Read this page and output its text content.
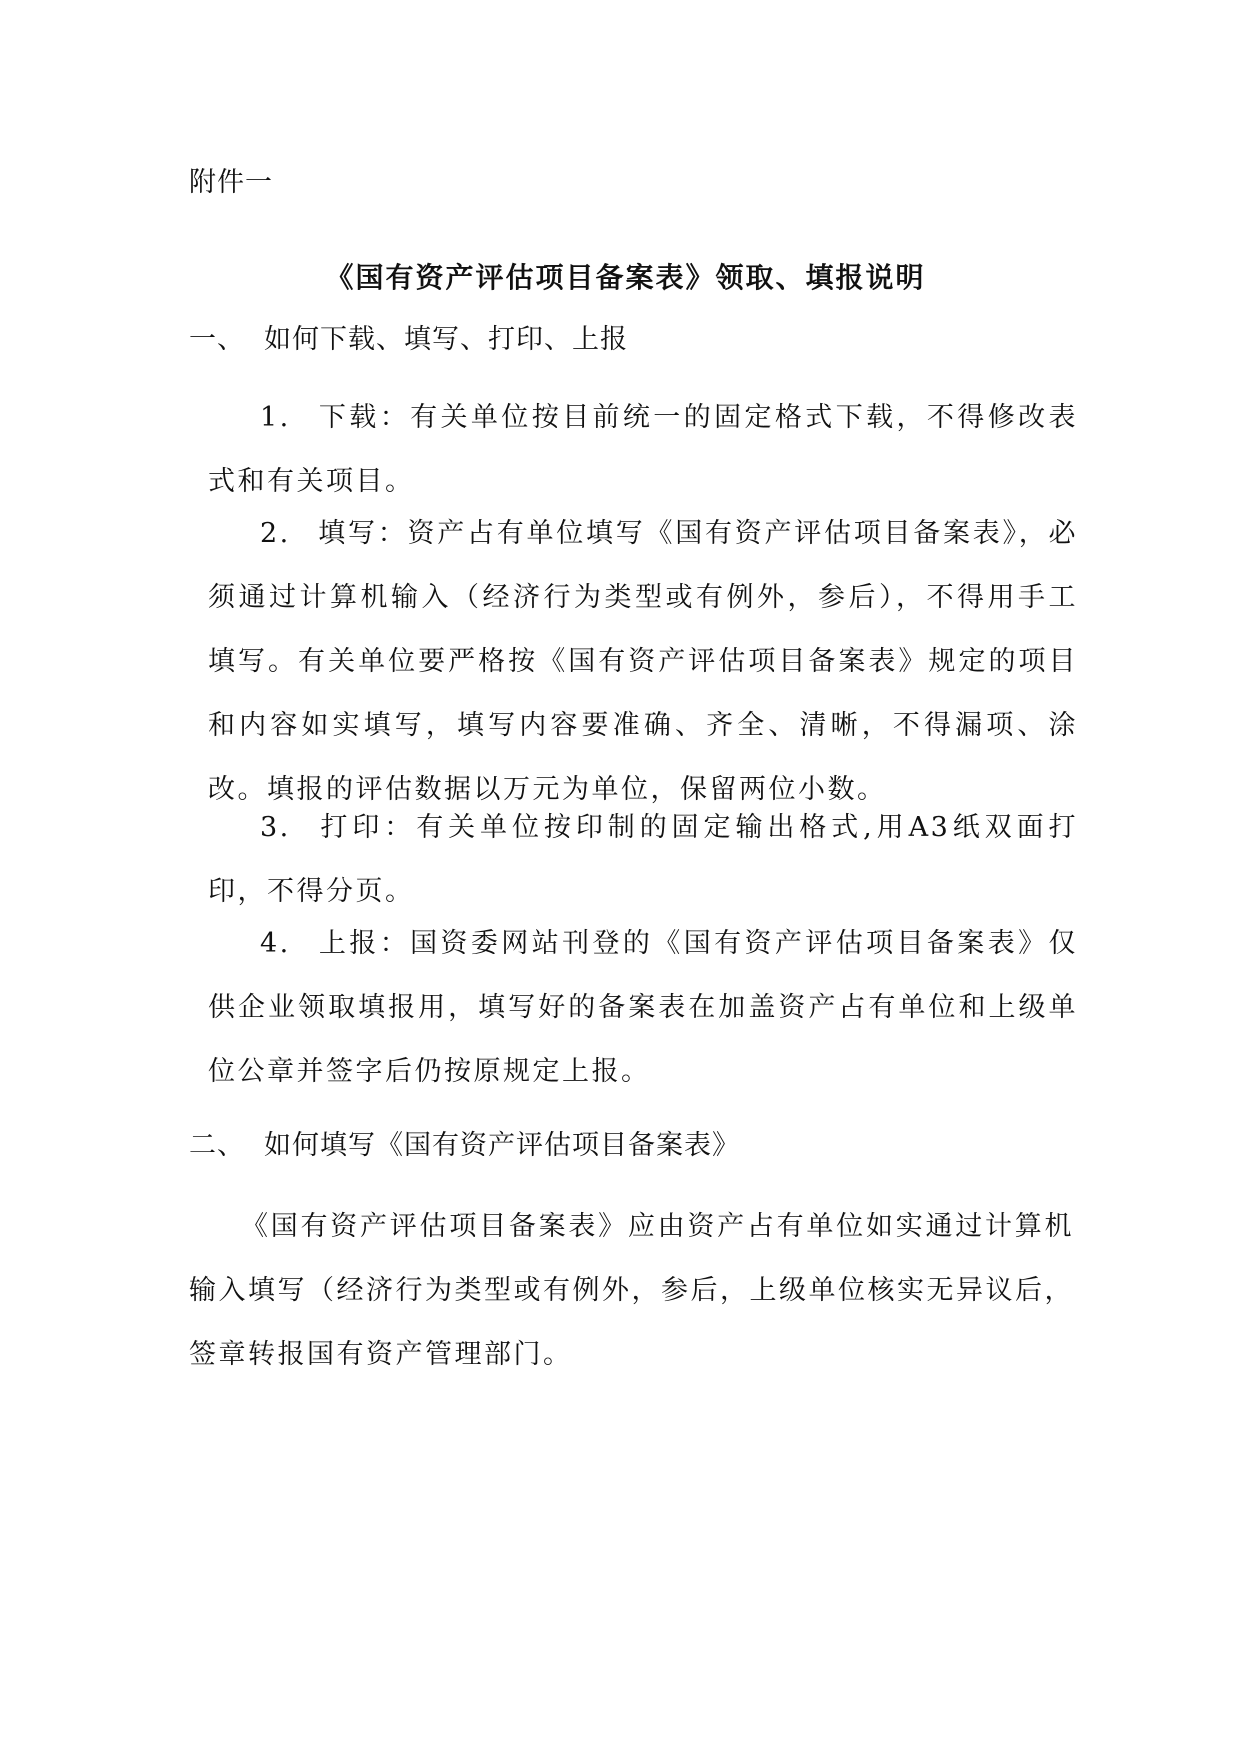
附件一
《国有资产评估项目备案表》领取、填报说明
一、 如何下载、填写、打印、上报
1. 下载：有关单位按目前统一的固定格式下载，不得修改表式和有关项目。
2. 填写：资产占有单位填写《国有资产评估项目备案表》，必须通过计算机输入（经济行为类型或有例外，参后），不得用手工填写。有关单位要严格按《国有资产评估项目备案表》规定的项目和内容如实填写，填写内容要准确、齐全、清晰，不得漏项、涂改。填报的评估数据以万元为单位，保留两位小数。
3. 打印：有关单位按印制的固定输出格式,用A3纸双面打印，不得分页。
4. 上报：国资委网站刊登的《国有资产评估项目备案表》仅供企业领取填报用，填写好的备案表在加盖资产占有单位和上级单位公章并签字后仍按原规定上报。
二、 如何填写《国有资产评估项目备案表》
《国有资产评估项目备案表》应由资产占有单位如实通过计算机输入填写（经济行为类型或有例外，参后，上级单位核实无异议后，签章转报国有资产管理部门。
